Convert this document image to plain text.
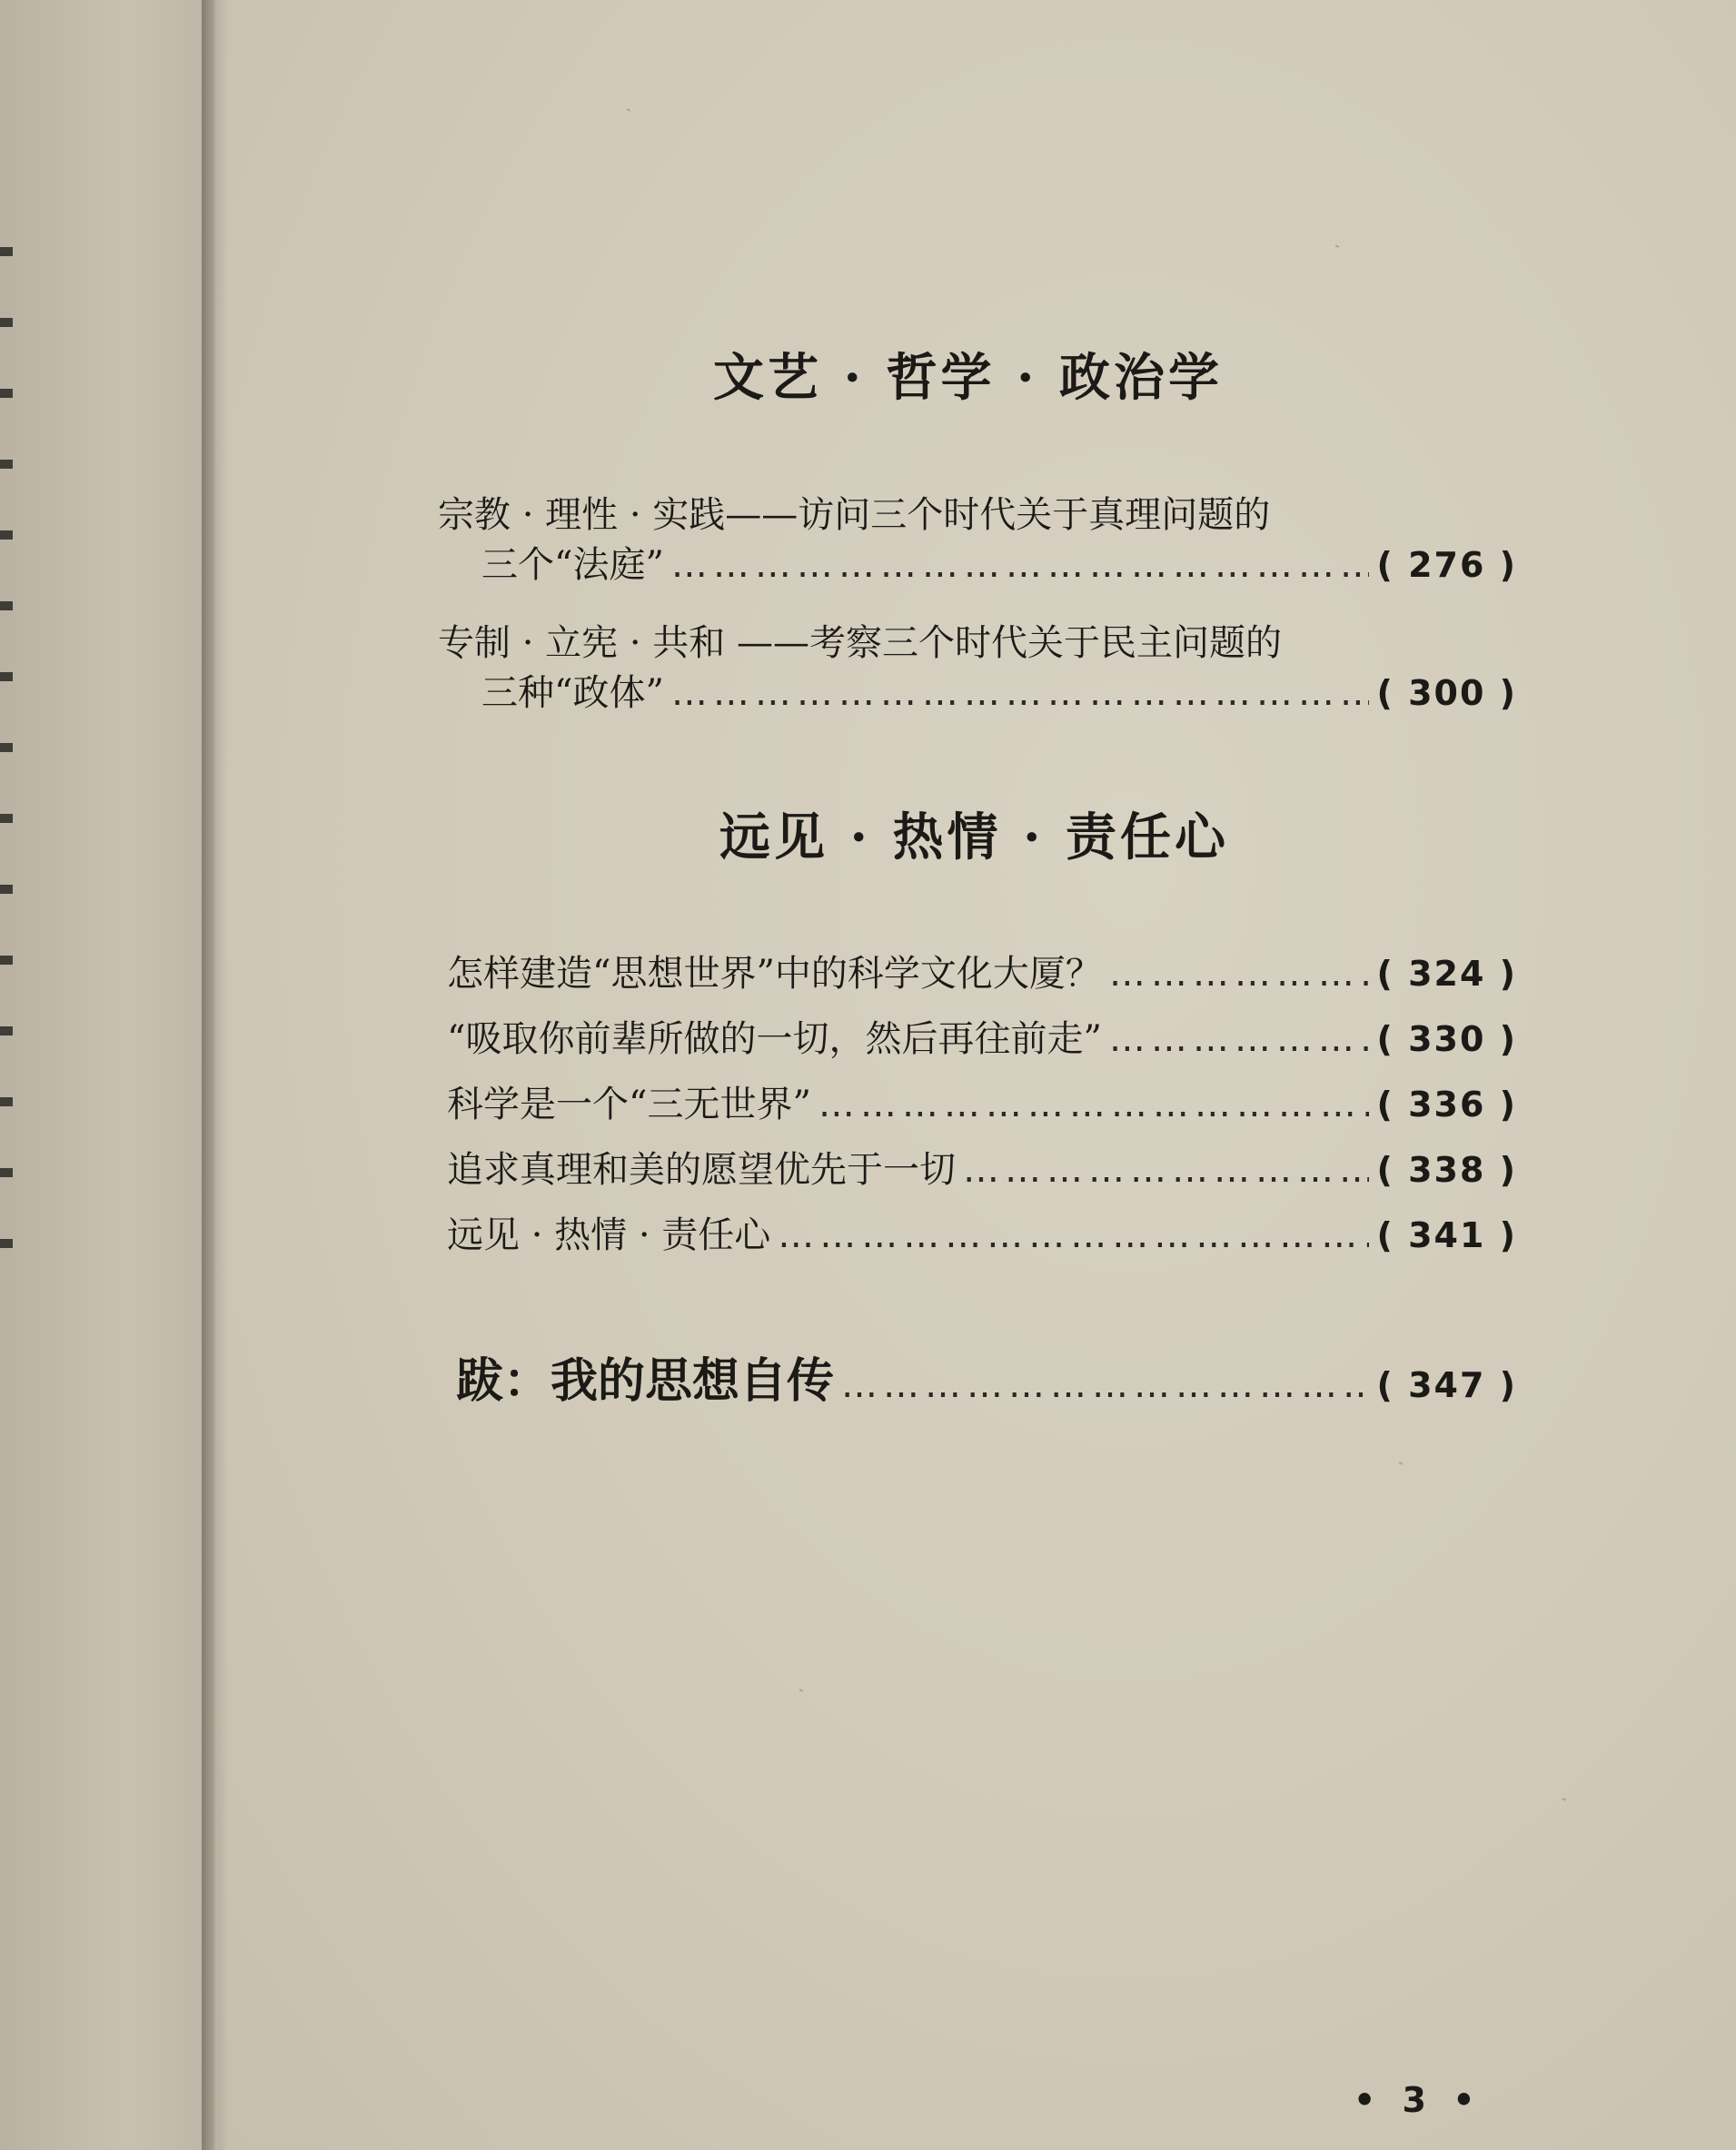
文艺 · 哲学 · 政治学
宗教 · 理性 · 实践——访问三个时代关于真理问题的
三个“法庭” ………………………………………………………………………………………………………………………………………………………………	( 276 )
专制 · 立宪 · 共和 ——考察三个时代关于民主问题的
三种“政体” ………………………………………………………………………………………………………………………………………………………………	( 300 )
远见 · 热情 · 责任心
怎样建造“思想世界”中的科学文化大厦？ ………………………………………………………………………………………………………………………………………………………………	( 324 )
“吸取你前辈所做的一切，然后再往前走” ………………………………………………………………………………………………………………………………………………………………	( 330 )
科学是一个“三无世界” ………………………………………………………………………………………………………………………………………………………………	( 336 )
追求真理和美的愿望优先于一切 ………………………………………………………………………………………………………………………………………………………………	( 338 )
远见 · 热情 · 责任心 ………………………………………………………………………………………………………………………………………………………………	( 341 )
跋：我的思想自传 ………………………………………………………………………………………………………………………………………………………………	( 347 )
• 3 •
